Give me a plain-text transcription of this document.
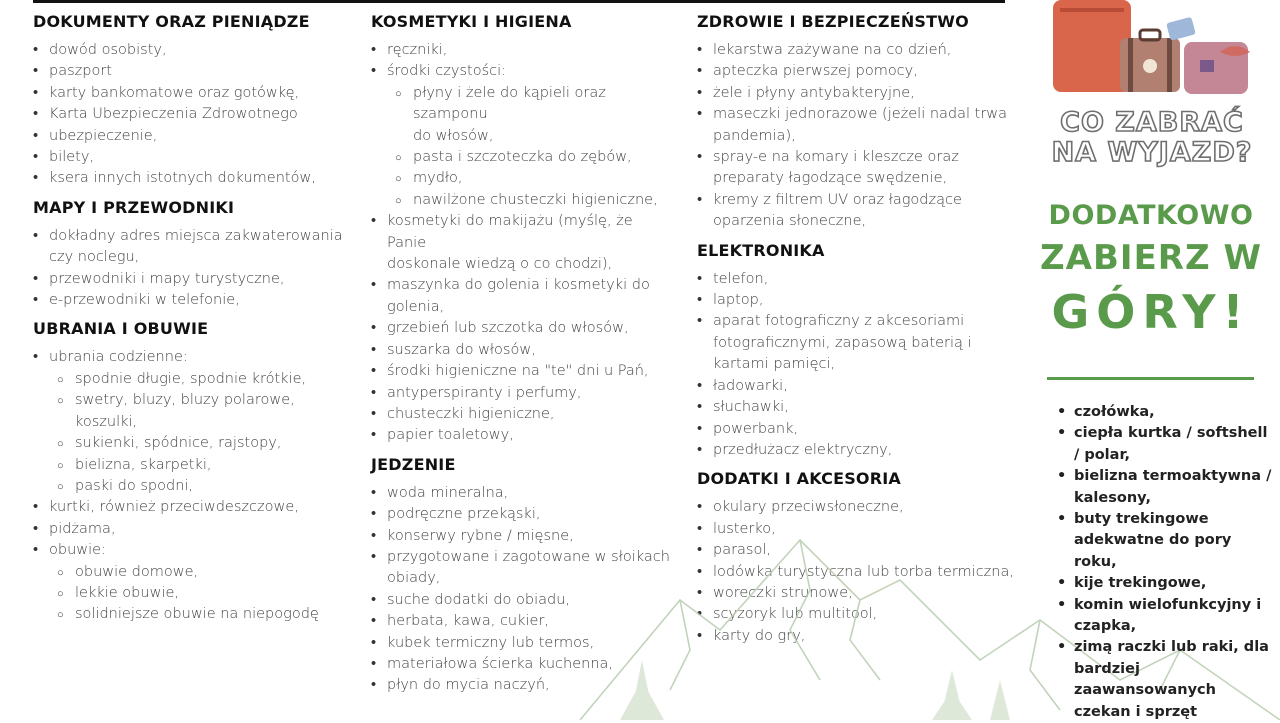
DOKUMENTY ORAZ PIENIĄDZE
• dowód osobisty,
• paszport
• karty bankomatowe oraz gotówkę,
• Karta Ubezpieczenia Zdrowotnego
• ubezpieczenie,
• bilety,
• ksera innych istotnych dokumentów,
MAPY I PRZEWODNIKI
• dokładny adres miejsca zakwaterowania
czy noclegu,
• przewodniki i mapy turystyczne,
• e-przewodniki w telefonie,
UBRANIA I OBUWIE
• ubrania codzienne:
○ spodnie długie, spodnie krótkie,
○ swetry, bluzy, bluzy polarowe,
koszulki,
○ sukienki, spódnice, rajstopy,
○ bielizna, skarpetki,
○ paski do spodni,
• kurtki, również przeciwdeszczowe,
• pidżama,
• obuwie:
○ obuwie domowe,
○ lekkie obuwie,
○ solidniejsze obuwie na niepogodę
KOSMETYKI I HIGIENA
• ręczniki,
• środki czystości:
○ płyny i żele do kąpieli oraz szamponu
do włosów,
○ pasta i szczoteczka do zębów,
○ mydło,
○ nawilżone chusteczki higieniczne,
• kosmetyki do makijażu (myślę, że Panie
doskonale wiedzą o co chodzi),
• maszynka do golenia i kosmetyki do
golenia,
• grzebień lub szczotka do włosów,
• suszarka do włosów,
• środki higieniczne na "te" dni u Pań,
• antyperspiranty i perfumy,
• chusteczki higieniczne,
• papier toaletowy,
JEDZENIE
• woda mineralna,
• podręczne przekąski,
• konserwy rybne / mięsne,
• przygotowane i zagotowane w słoikach
obiady,
• suche dodatki do obiadu,
• herbata, kawa, cukier,
• kubek termiczny lub termos,
• materiałowa ścierka kuchenna,
• płyn do mycia naczyń,
ZDROWIE I BEZPIECZEŃSTWO
• lekarstwa zażywane na co dzień,
• apteczka pierwszej pomocy,
• żele i płyny antybakteryjne,
• maseczki jednorazowe (jeżeli nadal trwa
pandemia),
• spray-e na komary i kleszcze oraz
preparaty łagodzące swędzenie,
• kremy z filtrem UV oraz łagodzące
oparzenia słoneczne,
ELEKTRONIKA
• telefon,
• laptop,
• aparat fotograficzny z akcesoriami
fotograficznymi, zapasową baterią i
kartami pamięci,
• ładowarki,
• słuchawki,
• powerbank,
• przedłużacz elektryczny,
DODATKI I AKCESORIA
• okulary przeciwsłoneczne,
• lusterko,
• parasol,
• lodówka turystyczna lub torba termiczna,
• woreczki strunowe,
• scyzoryk lub multitool,
• karty do gry,
CO ZABRAĆ
NA WYJAZD?
DODATKOWO
ZABIERZ W
GÓRY!
• czołówka,
• ciepła kurtka / softshell / polar,
• bielizna termoaktywna / kalesony,
• buty trekingowe adekwatne do pory roku,
• kije trekingowe,
• komin wielofunkcyjny i czapka,
• zimą raczki lub raki, dla bardziej zaawansowanych czekan i sprzęt
